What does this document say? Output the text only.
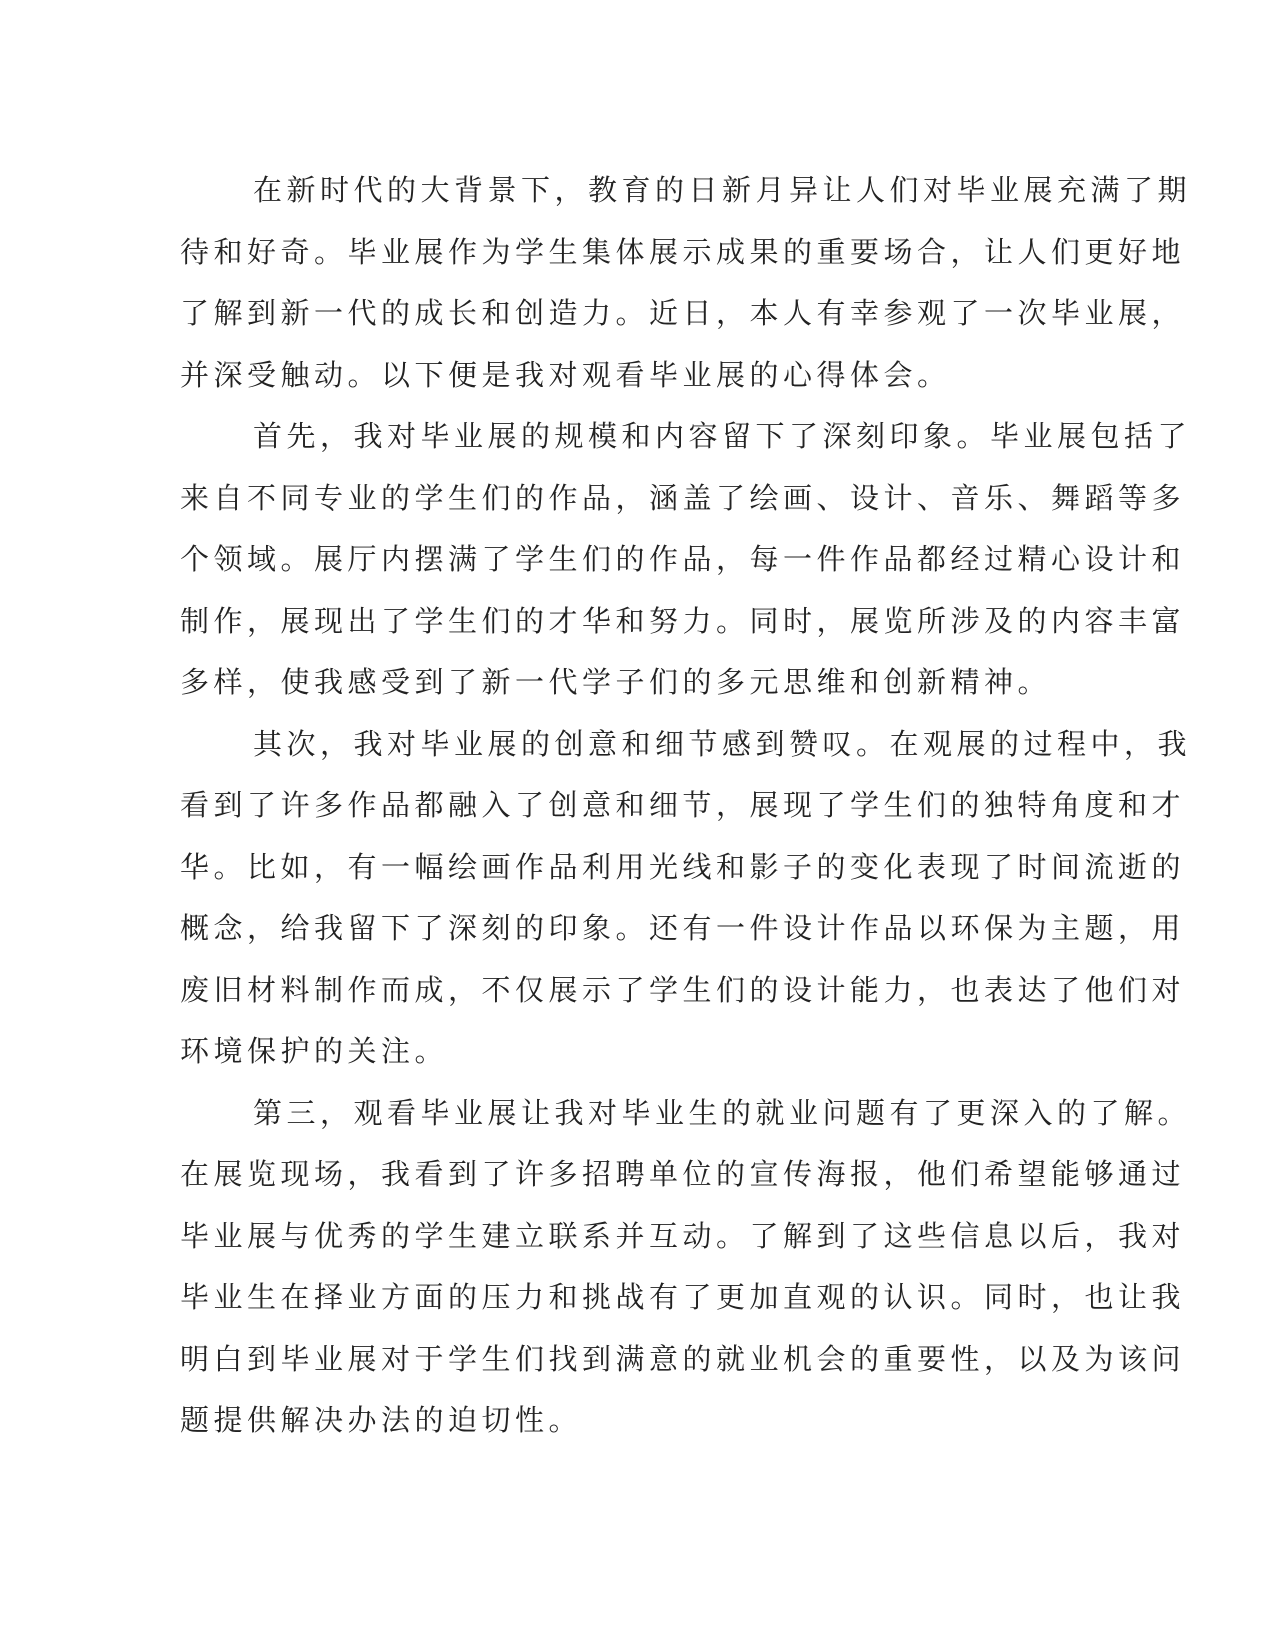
在新时代的大背景下，教育的日新月异让人们对毕业展充满了期
待和好奇。毕业展作为学生集体展示成果的重要场合，让人们更好地
了解到新一代的成长和创造力。近日，本人有幸参观了一次毕业展，
并深受触动。以下便是我对观看毕业展的心得体会。

首先，我对毕业展的规模和内容留下了深刻印象。毕业展包括了
来自不同专业的学生们的作品，涵盖了绘画、设计、音乐、舞蹈等多
个领域。展厅内摆满了学生们的作品，每一件作品都经过精心设计和
制作，展现出了学生们的才华和努力。同时，展览所涉及的内容丰富
多样，使我感受到了新一代学子们的多元思维和创新精神。

其次，我对毕业展的创意和细节感到赞叹。在观展的过程中，我
看到了许多作品都融入了创意和细节，展现了学生们的独特角度和才
华。比如，有一幅绘画作品利用光线和影子的变化表现了时间流逝的
概念，给我留下了深刻的印象。还有一件设计作品以环保为主题，用
废旧材料制作而成，不仅展示了学生们的设计能力，也表达了他们对
环境保护的关注。

第三，观看毕业展让我对毕业生的就业问题有了更深入的了解。
在展览现场，我看到了许多招聘单位的宣传海报，他们希望能够通过
毕业展与优秀的学生建立联系并互动。了解到了这些信息以后，我对
毕业生在择业方面的压力和挑战有了更加直观的认识。同时，也让我
明白到毕业展对于学生们找到满意的就业机会的重要性，以及为该问
题提供解决办法的迫切性。
